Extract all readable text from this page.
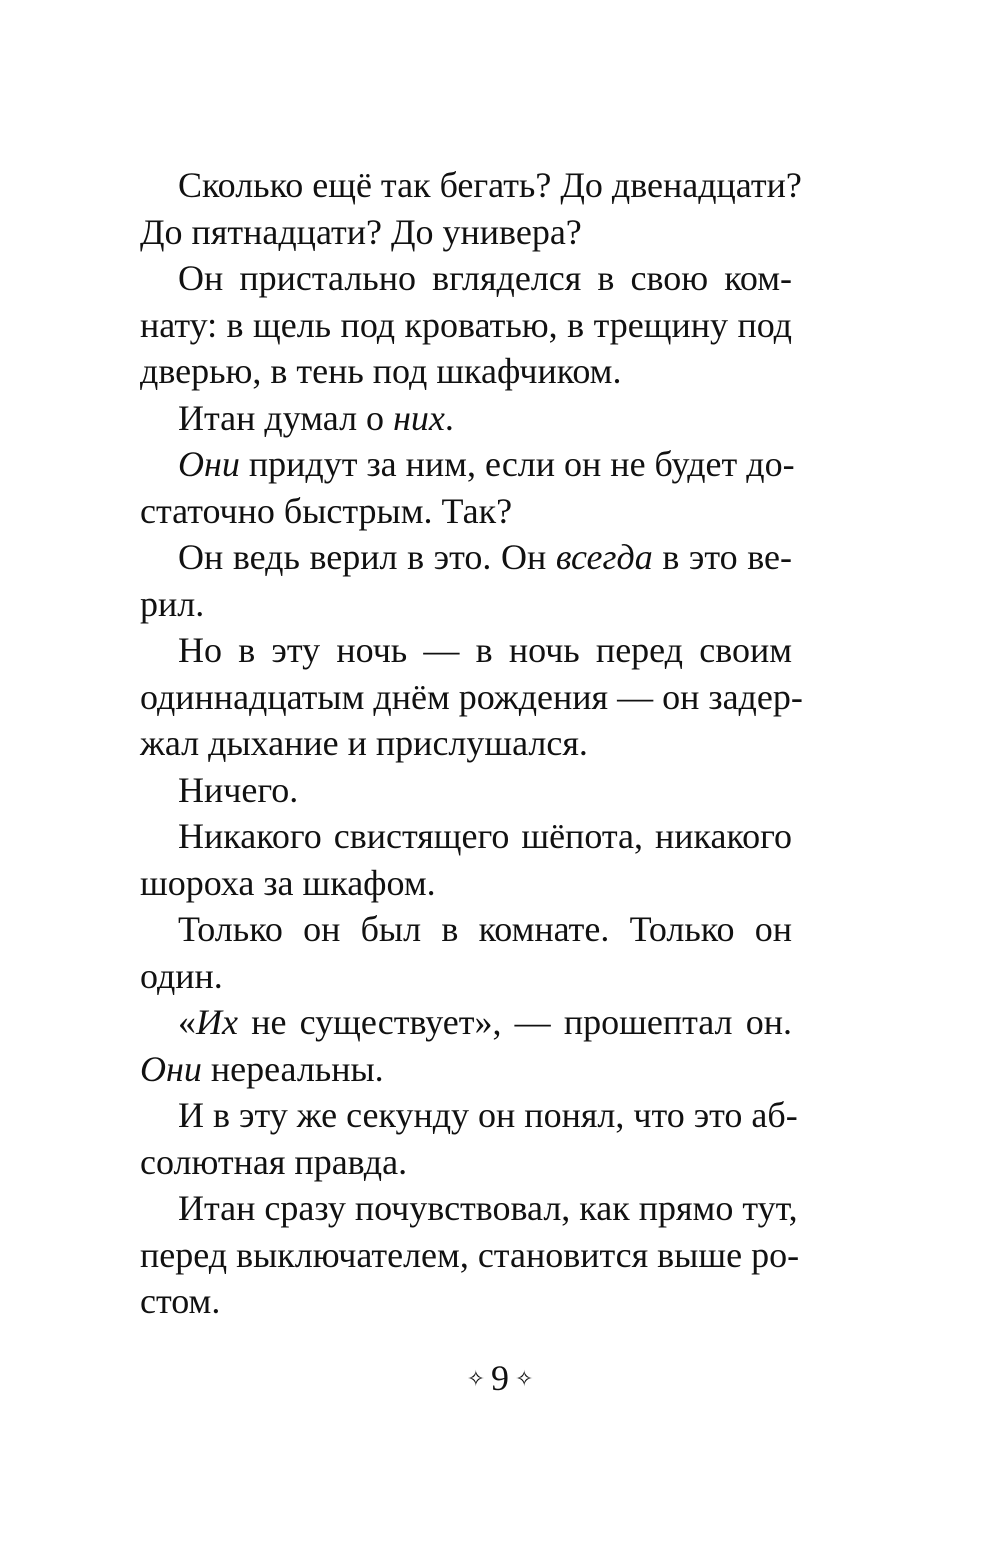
Сколько ещё так бегать? До двенадцати?
До пятнадцати? До универа?
Он пристально вгляделся в свою ком-
нату: в щель под кроватью, в трещину под
дверью, в тень под шкафчиком.
Итан думал о них.
Они придут за ним, если он не будет до-
статочно быстрым. Так?
Он ведь верил в это. Он всегда в это ве-
рил.
Но в эту ночь — в ночь перед своим
одиннадцатым днём рождения — он задер-
жал дыхание и прислушался.
Ничего.
Никакого свистящего шёпота, никакого
шороха за шкафом.
Только он был в комнате. Только он
один.
«Их не существует», — прошептал он.
Они нереальны.
И в эту же секунду он понял, что это аб-
солютная правда.
Итан сразу почувствовал, как прямо тут,
перед выключателем, становится выше ро-
стом.
✧ 9 ✧
